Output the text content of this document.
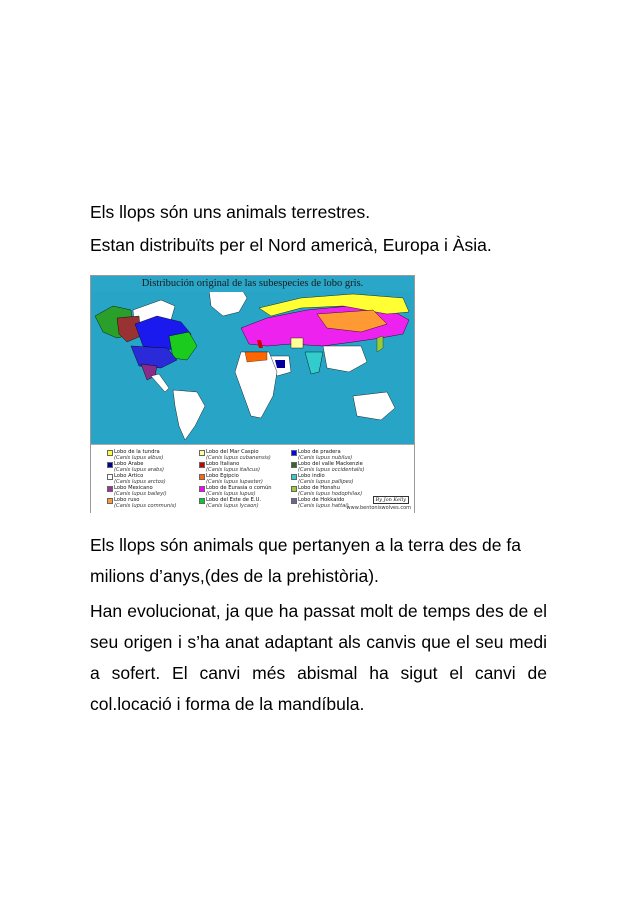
Els llops són uns animals terrestres.

Estan distribuïts per el Nord americà, Europa i Àsia.

Distribución original de las subespecies de lobo gris.
Lobo de la tundra
(Canis lupus albus)
Lobo Arabe
(Canis lupus arabs)
Lobo Artico
(Canis lupus arctos)
Lobo Mexicano
(Canis lupus baileyi)
Lobo ruso
(Canis lupus communis)
Lobo del Mar Caspio
(Canis lupus cubanensis)
Lobo Italiano
(Canis lupus italicus)
Lobo Egipcio
(Canis lupus lupaster)
Lobo de Eurasia o común
(Canis lupus lupus)
Lobo del Este de E.U.
(Canis lupus lycaon)
Lobo de pradera
(Canis lupus nubilus)
Lobo del valle Mackenzie
(Canis lupus occidentalis)
Lobo indio
(Canis lupus pallipes)
Lobo de Honshu
(Canis lupus hodophilax)
Lobo de Hokkaido
(Canis lupus hattai)
By Jon Kelly
www.bentoniswolves.com

Els llops són animals que pertanyen a la terra des de fa milions d’anys,(des de la prehistòria).

Han evolucionat, ja que ha passat molt de temps des de el seu origen i s’ha anat adaptant als canvis que el seu medi a sofert. El canvi més abismal ha sigut el canvi de col.locació i forma de la mandíbula.
